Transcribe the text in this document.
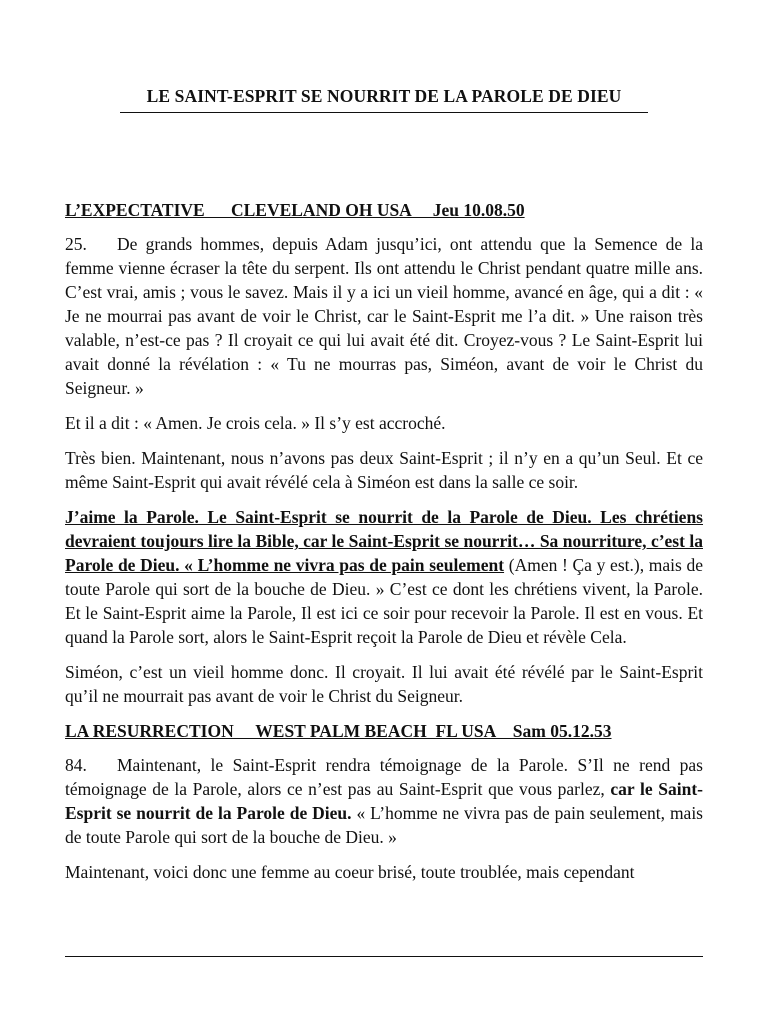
LE SAINT-ESPRIT SE NOURRIT DE LA PAROLE DE DIEU

L’EXPECTATIVE      CLEVELAND OH USA     Jeu 10.08.50

25. De grands hommes, depuis Adam jusqu’ici, ont attendu que la Semence de la femme vienne écraser la tête du serpent. Ils ont attendu le Christ pendant quatre mille ans. C’est vrai, amis ; vous le savez. Mais il y a ici un vieil homme, avancé en âge, qui a dit : « Je ne mourrai pas avant de voir le Christ, car le Saint-Esprit me l’a dit. » Une raison très valable, n’est-ce pas ? Il croyait ce qui lui avait été dit. Croyez-vous ? Le Saint-Esprit lui avait donné la révélation : « Tu ne mourras pas, Siméon, avant de voir le Christ du Seigneur. »

Et il a dit : « Amen. Je crois cela. » Il s’y est accroché.

Très bien. Maintenant, nous n’avons pas deux Saint-Esprit ; il n’y en a qu’un Seul. Et ce même Saint-Esprit qui avait révélé cela à Siméon est dans la salle ce soir.

J’aime la Parole. Le Saint-Esprit se nourrit de la Parole de Dieu. Les chrétiens devraient toujours lire la Bible, car le Saint-Esprit se nourrit… Sa nourriture, c’est la Parole de Dieu. « L’homme ne vivra pas de pain seulement (Amen ! Ça y est.), mais de toute Parole qui sort de la bouche de Dieu. » C’est ce dont les chrétiens vivent, la Parole. Et le Saint-Esprit aime la Parole, Il est ici ce soir pour recevoir la Parole. Il est en vous. Et quand la Parole sort, alors le Saint-Esprit reçoit la Parole de Dieu et révèle Cela.

Siméon, c’est un vieil homme donc. Il croyait. Il lui avait été révélé par le Saint-Esprit qu’il ne mourrait pas avant de voir le Christ du Seigneur.

LA RESURRECTION     WEST PALM BEACH  FL USA    Sam 05.12.53

84. Maintenant, le Saint-Esprit rendra témoignage de la Parole. S’Il ne rend pas témoignage de la Parole, alors ce n’est pas au Saint-Esprit que vous parlez, car le Saint-Esprit se nourrit de la Parole de Dieu. « L’homme ne vivra pas de pain seulement, mais de toute Parole qui sort de la bouche de Dieu. »

Maintenant, voici donc une femme au coeur brisé, toute troublée, mais cependant
